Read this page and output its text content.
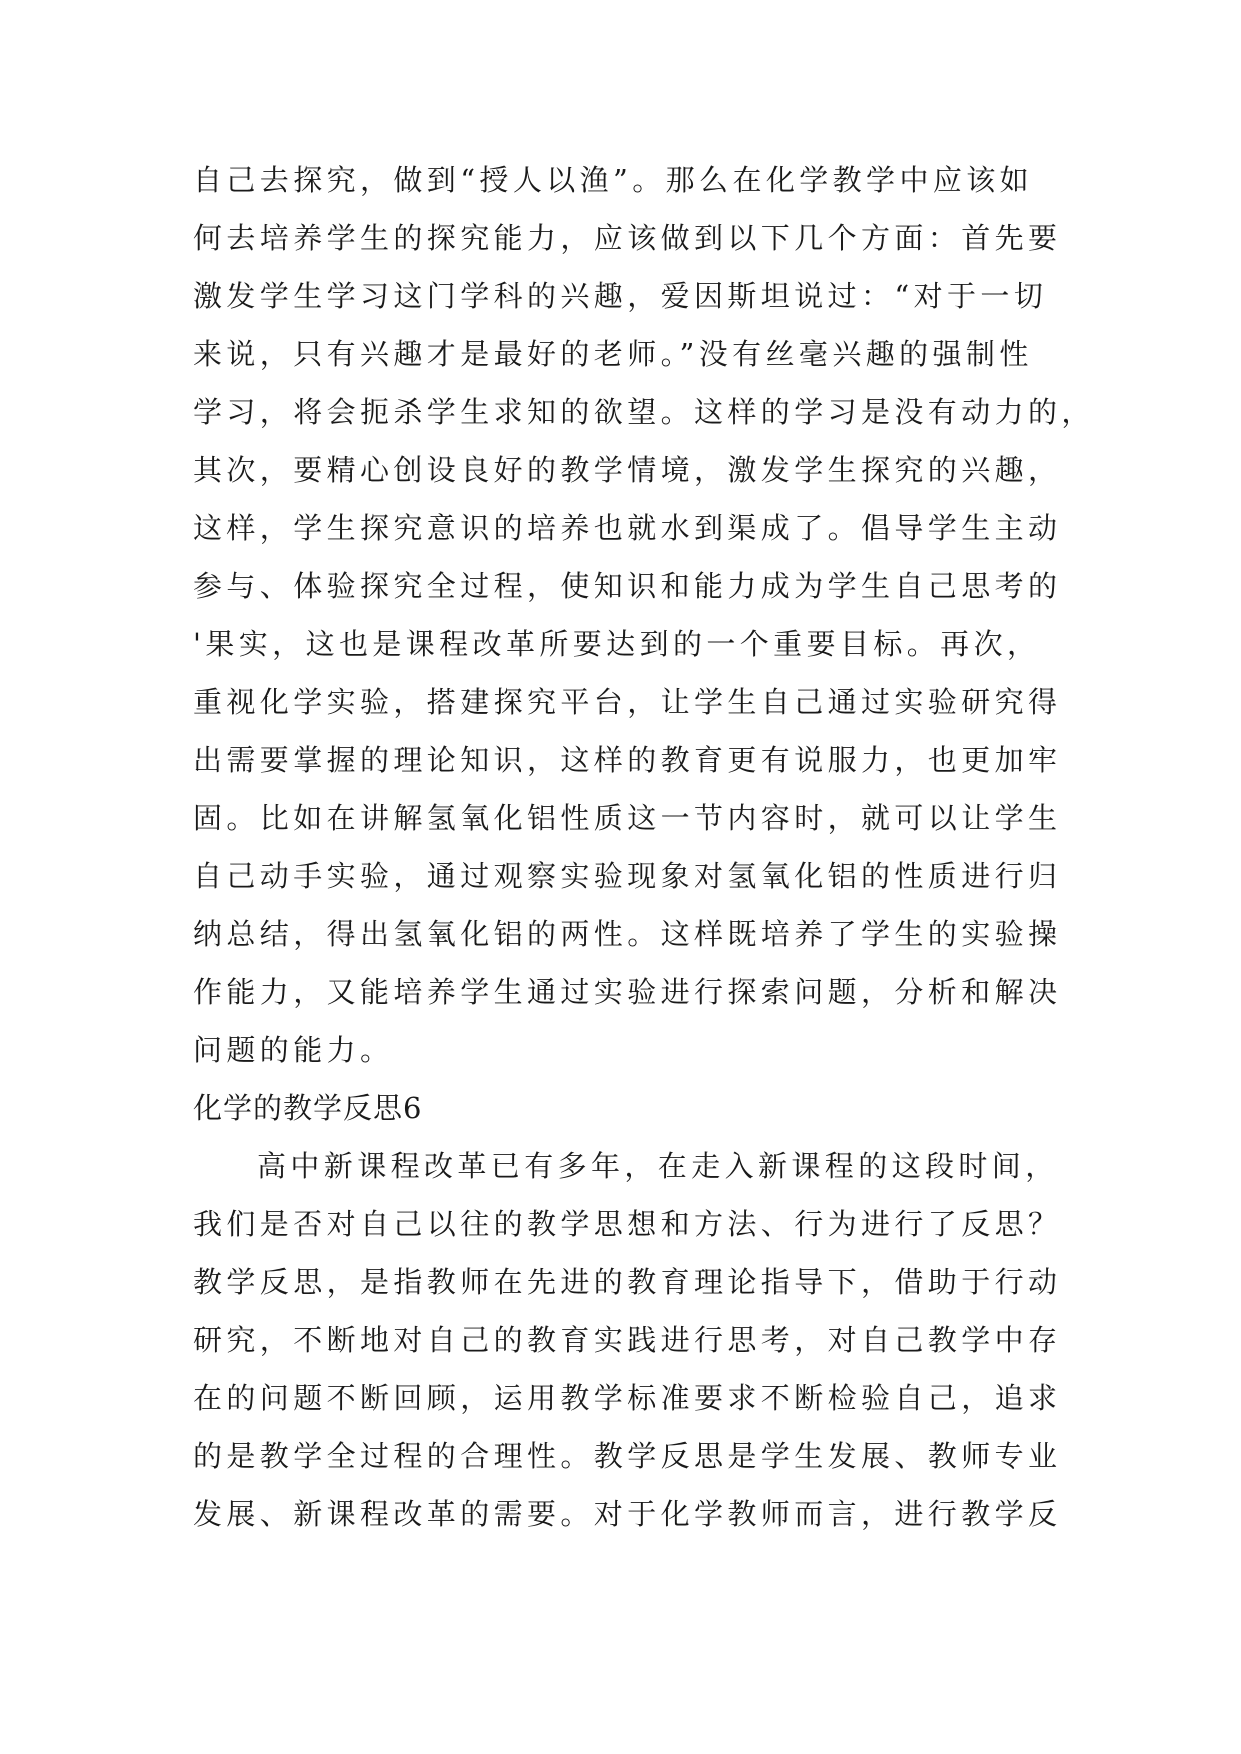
自己去探究，做到“授人以渔”。那么在化学教学中应该如
何去培养学生的探究能力，应该做到以下几个方面：首先要
激发学生学习这门学科的兴趣，爱因斯坦说过：“对于一切
来说，只有兴趣才是最好的老师。”没有丝毫兴趣的强制性
学习，将会扼杀学生求知的欲望。这样的学习是没有动力的，
其次，要精心创设良好的教学情境，激发学生探究的兴趣，
这样，学生探究意识的培养也就水到渠成了。倡导学生主动
参与、体验探究全过程，使知识和能力成为学生自己思考的
'果实，这也是课程改革所要达到的一个重要目标。再次，
重视化学实验，搭建探究平台，让学生自己通过实验研究得
出需要掌握的理论知识，这样的教育更有说服力，也更加牢
固。比如在讲解氢氧化铝性质这一节内容时，就可以让学生
自己动手实验，通过观察实验现象对氢氧化铝的性质进行归
纳总结，得出氢氧化铝的两性。这样既培养了学生的实验操
作能力，又能培养学生通过实验进行探索问题，分析和解决
问题的能力。
化学的教学反思6
高中新课程改革已有多年，在走入新课程的这段时间，
我们是否对自己以往的教学思想和方法、行为进行了反思？
教学反思，是指教师在先进的教育理论指导下，借助于行动
研究，不断地对自己的教育实践进行思考，对自己教学中存
在的问题不断回顾，运用教学标准要求不断检验自己，追求
的是教学全过程的合理性。教学反思是学生发展、教师专业
发展、新课程改革的需要。对于化学教师而言，进行教学反
